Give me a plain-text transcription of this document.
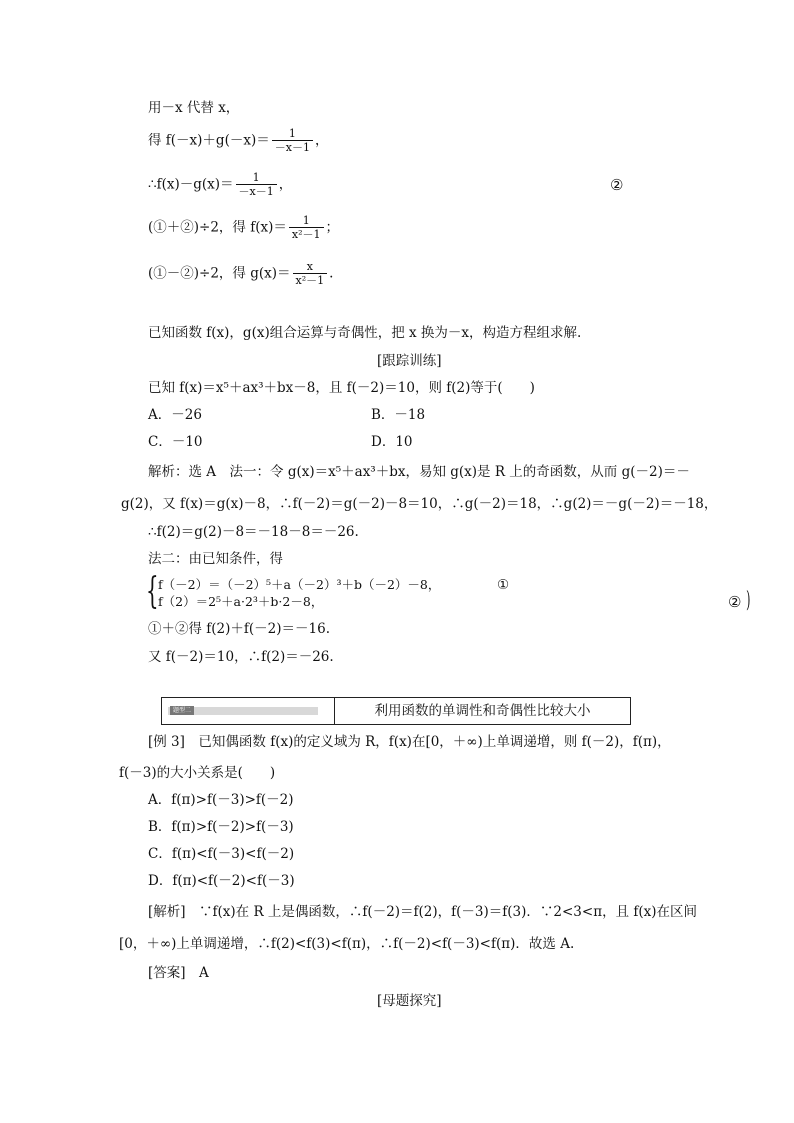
用－x 代替 x，
得 $f(-x)+g(-x)= \frac{1}{-x-1}$ ，
∴f(x)－g(x)＝ $\frac{1}{-x-1}$ ，	②
(①＋②)÷2，得 $f(x)= \frac{1}{\text{x²－1}}$ ；
(①－②)÷2，得 $g(x)= \frac{x}{\text{x²－1}}$ .
已知函数 f(x)，g(x)组合运算与奇偶性，把 x 换为－x，构造方程组求解.
[跟踪训练]
已知 f(x)＝x⁵＋ax³＋bx－8，且 f(－2)＝10，则 f(2)等于(　　)
A．－26	B．－18
C．－10	D．10
解析：选 A　法一：令 g(x)＝x⁵＋ax³＋bx，易知 g(x)是 R 上的奇函数，从而 g(－2)＝－
g(2)，又 f(x)＝g(x)－8，∴f(－2)＝g(－2)－8＝10，∴g(－2)＝18，∴g(2)＝－g(－2)＝－18，
∴f(2)＝g(2)－8＝－18－8＝－26.
法二：由已知条件，得
{ f（－2）＝（－2）⁵＋a（－2）³＋b（－2）－8，	①
f（2）＝2⁵＋a·2³＋b·2－8，	② )
①＋②得 f(2)＋f(－2)＝－16.
又 f(－2)＝10，∴f(2)＝－26.
题型二	利用函数的单调性和奇偶性比较大小
[例 3]　已知偶函数 f(x)的定义域为 R，f(x)在[0，＋∞)上单调递增，则 f(－2)，f(π)，
f(－3)的大小关系是(　　)
A．f(π)>f(－3)>f(－2)
B．f(π)>f(－2)>f(－3)
C．f(π)<f(－3)<f(－2)
D．f(π)<f(－2)<f(－3)
[解析]　∵f(x)在 R 上是偶函数，∴f(－2)＝f(2)，f(－3)＝f(3)．∵2<3<π，且 f(x)在区间
[0，＋∞)上单调递增，∴f(2)<f(3)<f(π)，∴f(－2)<f(－3)<f(π)．故选 A.
[答案]　A
[母题探究]
